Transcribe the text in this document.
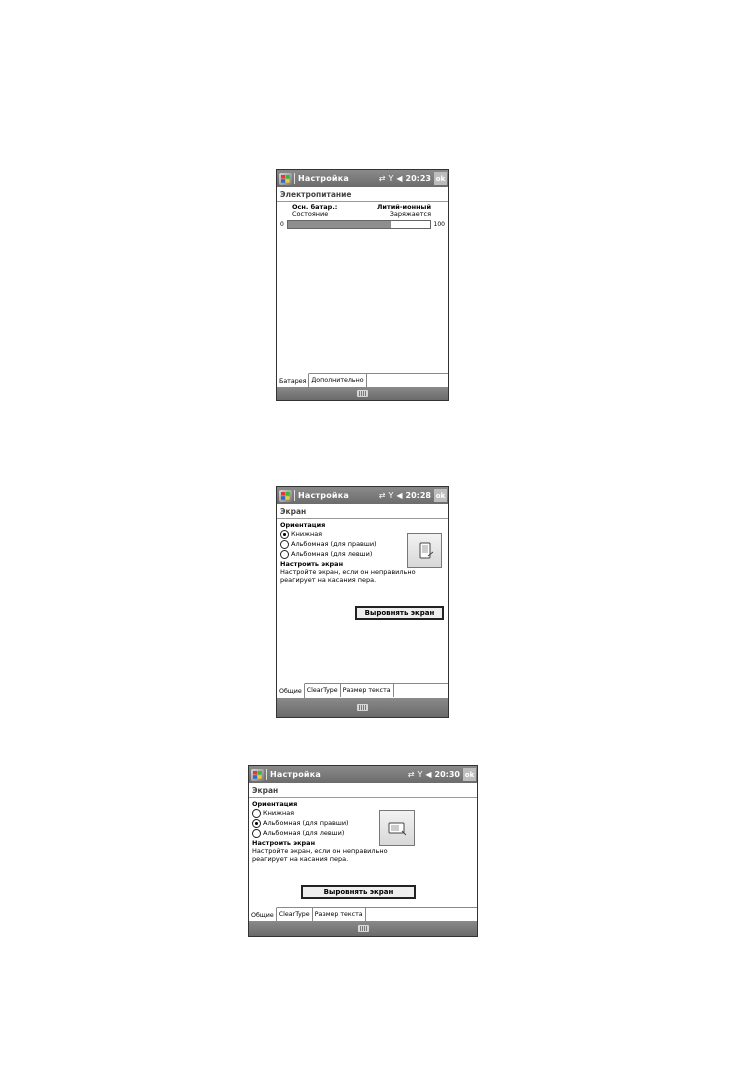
Настройка	⇄ Y ◀ 20:23 ok
Электропитание
Осн. батар.:	Литий-ионный
Состояние	Заряжается
0	100
Батарея Дополнительно
Настройка	⇄ Y ◀ 20:28 ok
Экран
Ориентация
Книжная
Альбомная (для правши)
Альбомная (для левши)
Настроить экран
Настройте экран, если он неправильно
реагирует на касания пера.
Выровнять экран
Общие ClearType Размер текста
Настройка	⇄ Y ◀ 20:30 ok
Экран
Ориентация
Книжная
Альбомная (для правши)
Альбомная (для левши)
Настроить экран
Настройте экран, если он неправильно
реагирует на касания пера.
Выровнять экран
Общие ClearType Размер текста
